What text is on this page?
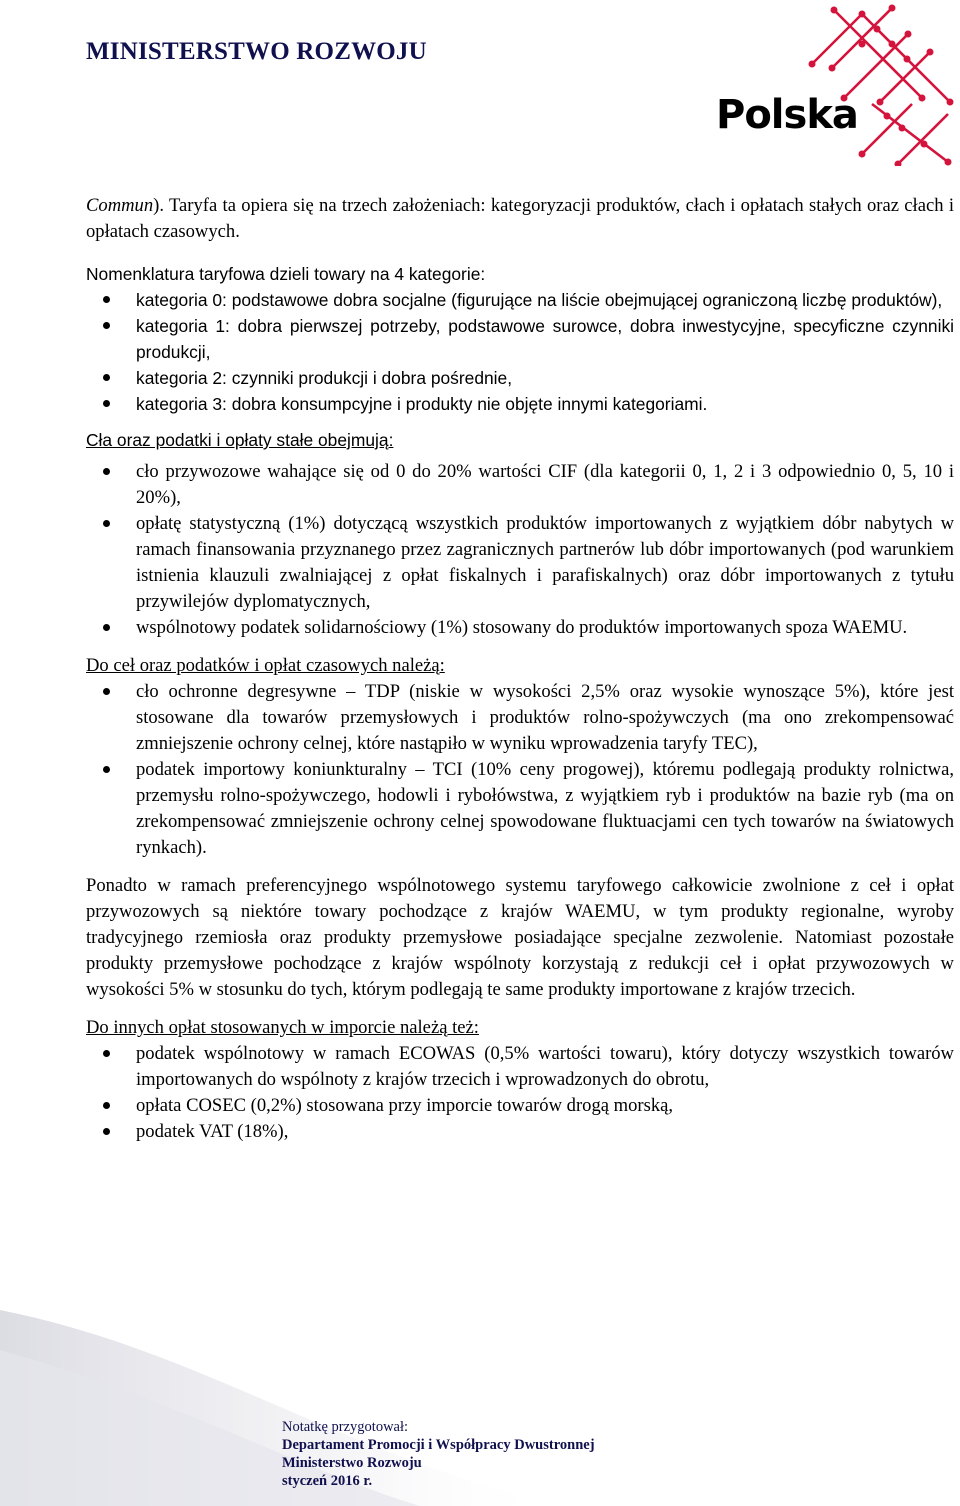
MINISTERSTWO ROZWOJU
Polska

Commun). Taryfa ta opiera się na trzech założeniach: kategoryzacji produktów, cłach i opłatach stałych oraz cłach i opłatach czasowych.

Nomenklatura taryfowa dzieli towary na 4 kategorie:

kategoria 0: podstawowe dobra socjalne (figurujące na liście obejmującej ograniczoną liczbę produktów),
kategoria 1: dobra pierwszej potrzeby, podstawowe surowce, dobra inwestycyjne, specyficzne czynniki produkcji,
kategoria 2: czynniki produkcji i dobra pośrednie,
kategoria 3: dobra konsumpcyjne i produkty nie objęte innymi kategoriami.

Cła oraz podatki i opłaty stałe obejmują:

cło przywozowe wahające się od 0 do 20% wartości CIF (dla kategorii 0, 1, 2 i 3 odpowiednio 0, 5, 10 i 20%),
opłatę statystyczną (1%) dotyczącą wszystkich produktów importowanych z wyjątkiem dóbr nabytych w ramach finansowania przyznanego przez zagranicznych partnerów lub dóbr importowanych (pod warunkiem istnienia klauzuli zwalniającej z opłat fiskalnych i parafiskalnych) oraz dóbr importowanych z tytułu przywilejów dyplomatycznych,
wspólnotowy podatek solidarnościowy (1%) stosowany do produktów importowanych spoza WAEMU.

Do ceł oraz podatków i opłat czasowych należą:

cło ochronne degresywne – TDP (niskie w wysokości 2,5% oraz wysokie wynoszące 5%), które jest stosowane dla towarów przemysłowych i produktów rolno-spożywczych (ma ono zrekompensować zmniejszenie ochrony celnej, które nastąpiło w wyniku wprowadzenia taryfy TEC),
podatek importowy koniunkturalny – TCI (10% ceny progowej), któremu podlegają produkty rolnictwa, przemysłu rolno-spożywczego, hodowli i rybołówstwa, z wyjątkiem ryb i produktów na bazie ryb (ma on zrekompensować zmniejszenie ochrony celnej spowodowane fluktuacjami cen tych towarów na światowych rynkach).

Ponadto w ramach preferencyjnego wspólnotowego systemu taryfowego całkowicie zwolnione z ceł i opłat przywozowych są niektóre towary pochodzące z krajów WAEMU, w tym produkty regionalne, wyroby tradycyjnego rzemiosła oraz produkty przemysłowe posiadające specjalne zezwolenie. Natomiast pozostałe produkty przemysłowe pochodzące z krajów wspólnoty korzystają z redukcji ceł i opłat przywozowych w wysokości 5% w stosunku do tych, którym podlegają te same produkty importowane z krajów trzecich.

Do innych opłat stosowanych w imporcie należą też:

podatek wspólnotowy w ramach ECOWAS (0,5% wartości towaru), który dotyczy wszystkich towarów importowanych do wspólnoty z krajów trzecich i wprowadzonych do obrotu,
opłata COSEC (0,2%) stosowana przy imporcie towarów drogą morską,
podatek VAT (18%),
Notatkę przygotował:
Departament Promocji i Współpracy Dwustronnej
Ministerstwo Rozwoju
styczeń 2016 r.
